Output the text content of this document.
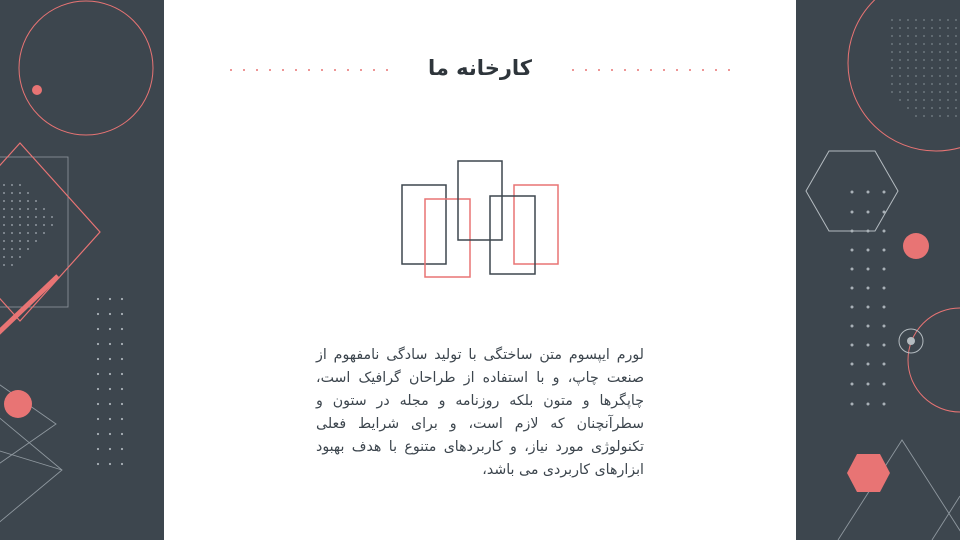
کارخانه ما
لورم ایپسوم متن ساختگی با تولید سادگی نامفهوم از صنعت چاپ، و با استفاده از طراحان گرافیک است، چاپگرها و متون بلکه روزنامه و مجله در ستون و سطرآنچنان که لازم است، و برای شرایط فعلی تکنولوژی مورد نیاز، و کاربردهای متنوع با هدف بهبود ابزارهای کاربردی می باشد،
